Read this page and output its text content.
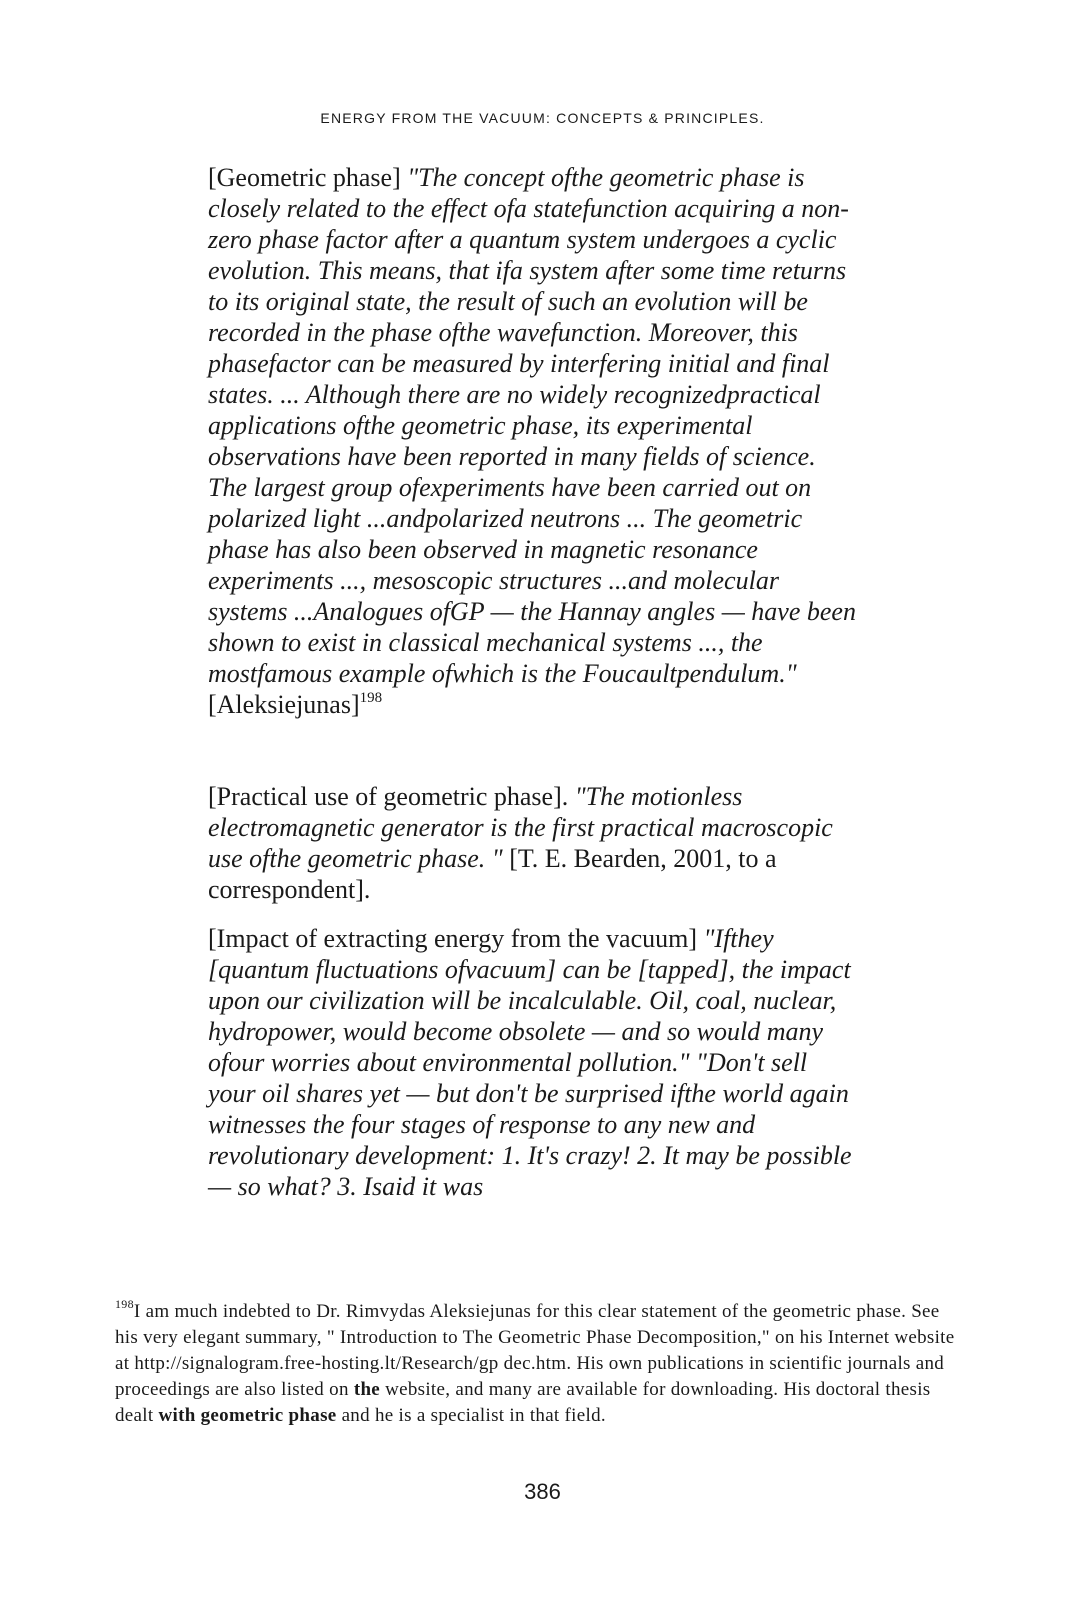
ENERGY FROM THE VACUUM: CONCEPTS & PRINCIPLES.
[Geometric phase] "The concept ofthe geometric phase is closely related to the effect ofa statefunction acquiring a non-zero phase factor after a quantum system undergoes a cyclic evolution. This means, that ifa system after some time returns to its original state, the result of such an evolution will be recorded in the phase ofthe wavefunction. Moreover, this phasefactor can be measured by interfering initial and final states. ... Although there are no widely recognizedpractical applications ofthe geometric phase, its experimental observations have been reported in many fields of science. The largest group ofexperiments have been carried out on polarized light ...andpolarized neutrons ... The geometric phase has also been observed in magnetic resonance experiments ..., mesoscopic structures ...and molecular systems ...Analogues ofGP — the Hannay angles — have been shown to exist in classical mechanical systems ..., the mostfamous example ofwhich is the Foucaultpendulum." [Aleksiejunas]$^{198}$
[Practical use of geometric phase]. "The motionless electromagnetic generator is the first practical macroscopic use ofthe geometric phase. " [T. E. Bearden, 2001, to a correspondent].
[Impact of extracting energy from the vacuum] "Ifthey [quantum fluctuations ofvacuum] can be [tapped], the impact upon our civilization will be incalculable. Oil, coal, nuclear, hydropower, would become obsolete — and so would many ofour worries about environmental pollution." "Don't sell your oil shares yet — but don't be surprised ifthe world again witnesses the four stages of response to any new and revolutionary development: 1. It's crazy! 2. It may be possible — so what? 3. Isaid it was
$^{198}$I am much indebted to Dr. Rimvydas Aleksiejunas for this clear statement of the geometric phase. See his very elegant summary, " Introduction to The Geometric Phase Decomposition," on his Internet website at http://signalogram.free-hosting.lt/Research/gp dec.htm. His own publications in scientific journals and proceedings are also listed on the website, and many are available for downloading. His doctoral thesis dealt with geometric phase and he is a specialist in that field.
386
